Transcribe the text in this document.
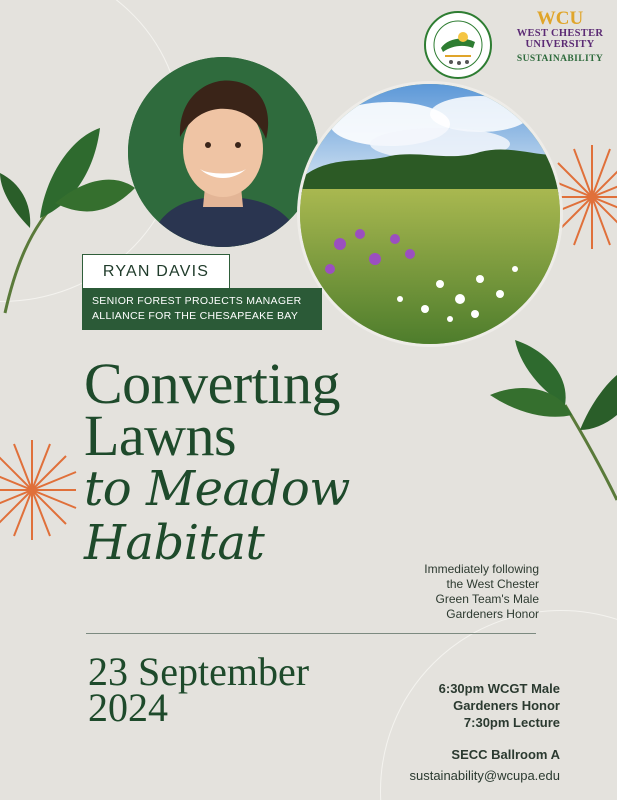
WCU
WEST CHESTER
UNIVERSITY
SUSTAINABILITY
RYAN DAVIS
SENIOR FOREST PROJECTS MANAGER
ALLIANCE FOR THE CHESAPEAKE BAY
Converting
Lawns
to Meadow
Habitat	Immediately following
the West Chester
Green Team's Male
Gardeners Honor
23 September
2024	6:30pm WCGT Male
Gardeners Honor
7:30pm Lecture
SECC Ballroom A
sustainability@wcupa.edu
